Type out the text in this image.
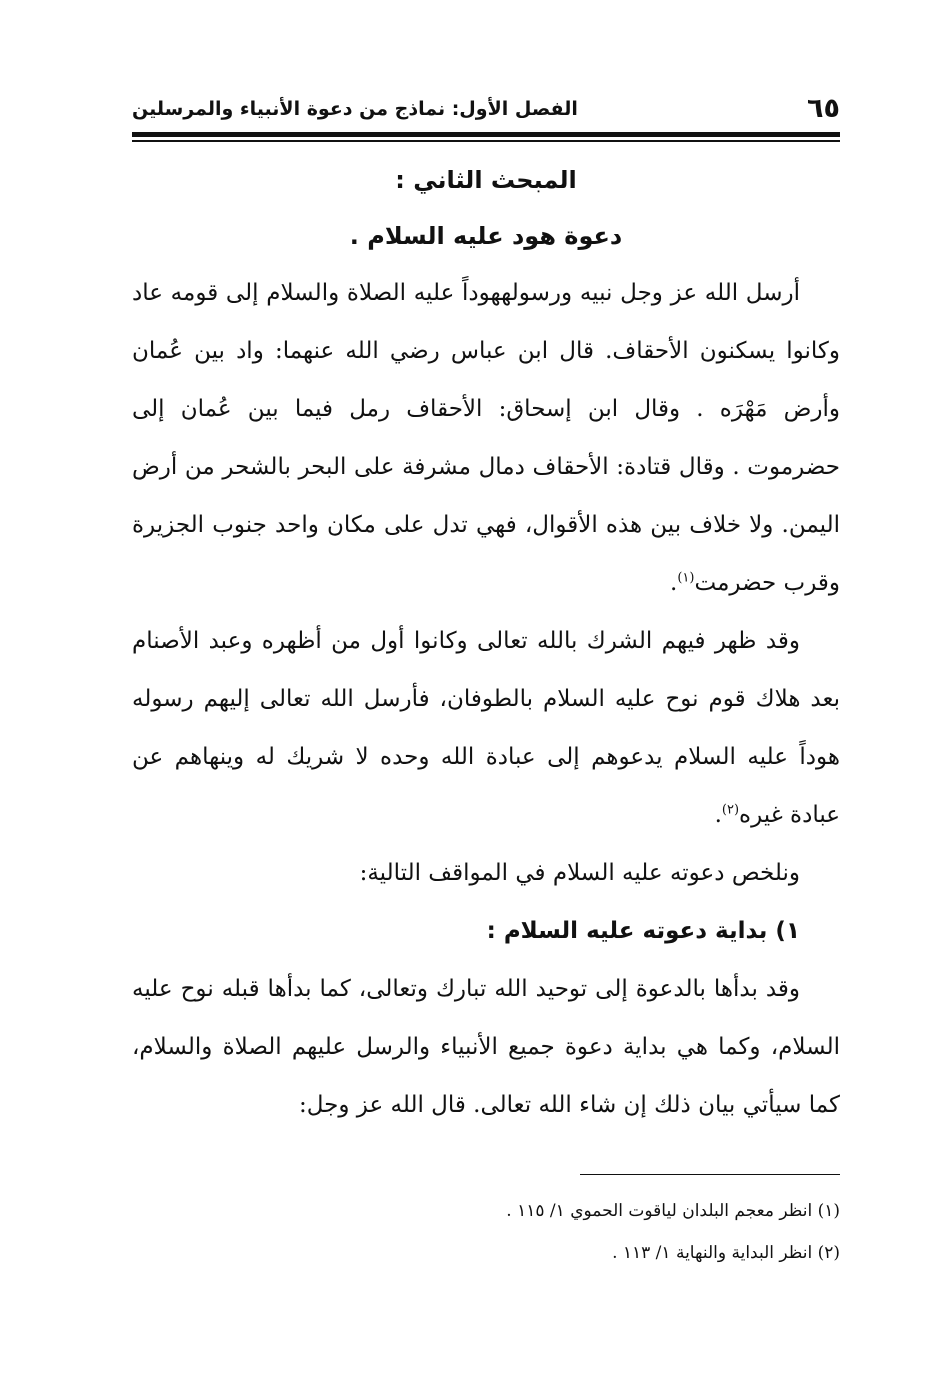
٦٥
الفصل الأول: نماذج من دعوة الأنبياء والمرسلين

المبحث الثاني :

دعوة هود عليه السلام .

أرسل الله عز وجل نبيه ورسولههوداً عليه الصلاة والسلام إلى قومه عاد وكانوا يسكنون الأحقاف. قال ابن عباس رضي الله عنهما: واد بين عُمان وأرض مَهْرَه . وقال ابن إسحاق: الأحقاف رمل فيما بين عُمان إلى حضرموت . وقال قتادة: الأحقاف دمال مشرفة على البحر بالشحر من أرض اليمن. ولا خلاف بين هذه الأقوال، فهي تدل على مكان واحد جنوب الجزيرة وقرب حضرمت$^{(١)}$.

وقد ظهر فيهم الشرك بالله تعالى وكانوا أول من أظهره وعبد الأصنام بعد هلاك قوم نوح عليه السلام بالطوفان، فأرسل الله تعالى إليهم رسوله هوداً عليه السلام يدعوهم إلى عبادة الله وحده لا شريك له وينهاهم عن عبادة غيره$^{(٢)}$.

ونلخص دعوته عليه السلام في المواقف التالية:

١) بداية دعوته عليه السلام :

وقد بدأها بالدعوة إلى توحيد الله تبارك وتعالى، كما بدأها قبله نوح عليه السلام، وكما هي بداية دعوة جميع الأنبياء والرسل عليهم الصلاة والسلام، كما سيأتي بيان ذلك إن شاء الله تعالى. قال الله عز وجل:

(١) انظر معجم البلدان لياقوت الحموي ١/ ١١٥ .

(٢) انظر البداية والنهاية ١/ ١١٣ .
